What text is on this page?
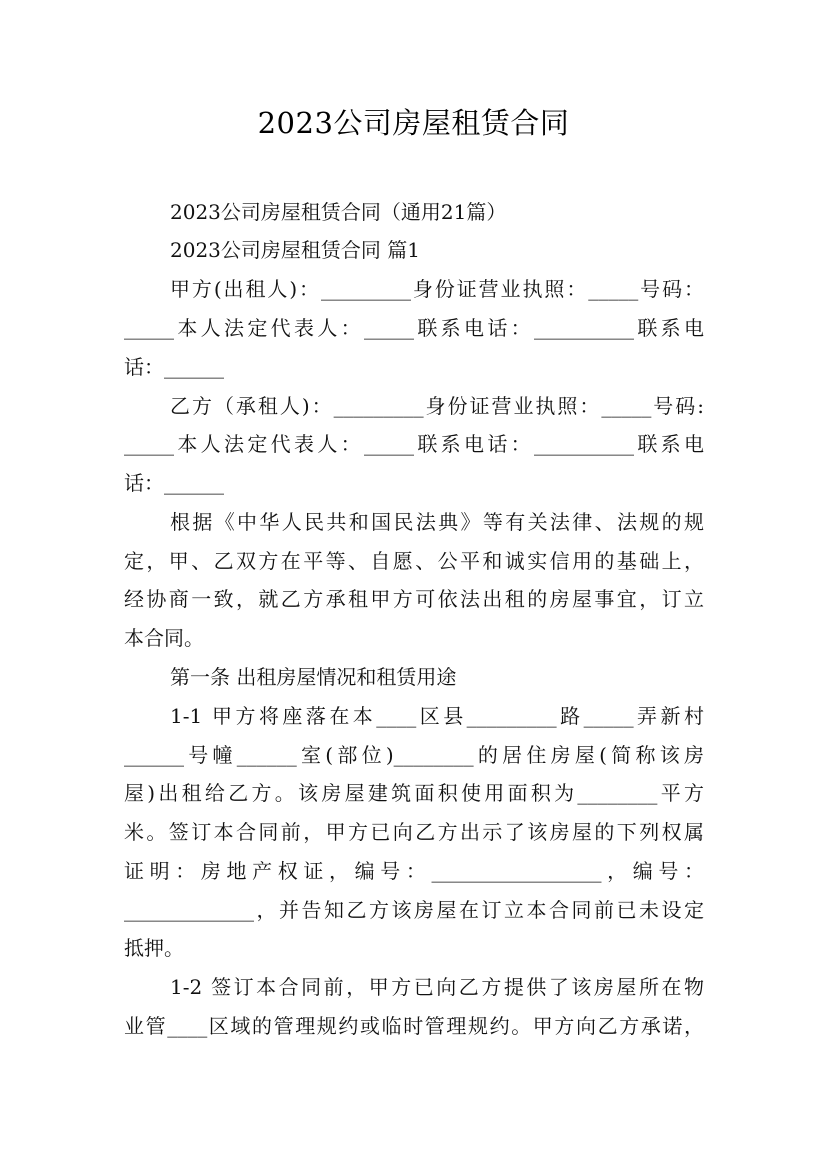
2023公司房屋租赁合同
2023公司房屋租赁合同（通用21篇）
2023公司房屋租赁合同 篇1
甲方(出租人)：_________身份证营业执照：_____号码：
_____本人法定代表人：_____联系电话：__________联系电
话：______
乙方（承租人)：_________身份证营业执照：_____号码:
_____本人法定代表人：_____联系电话：__________联系电
话：______
根据《中华人民共和国民法典》等有关法律、法规的规
定，甲、乙双方在平等、自愿、公平和诚实信用的基础上，
经协商一致，就乙方承租甲方可依法出租的房屋事宜，订立
本合同。
第一条 出租房屋情况和租赁用途
1-1 甲方将座落在本____区县_________路_____弄新村
______号幢______室(部位)________的居住房屋(简称该房
屋)出租给乙方。该房屋建筑面积使用面积为________平方
米。签订本合同前，甲方已向乙方出示了该房屋的下列权属
证明：房地产权证，编号：_________________，编号：
_____________，并告知乙方该房屋在订立本合同前已未设定
抵押。
1-2 签订本合同前，甲方已向乙方提供了该房屋所在物
业管____区域的管理规约或临时管理规约。甲方向乙方承诺，
